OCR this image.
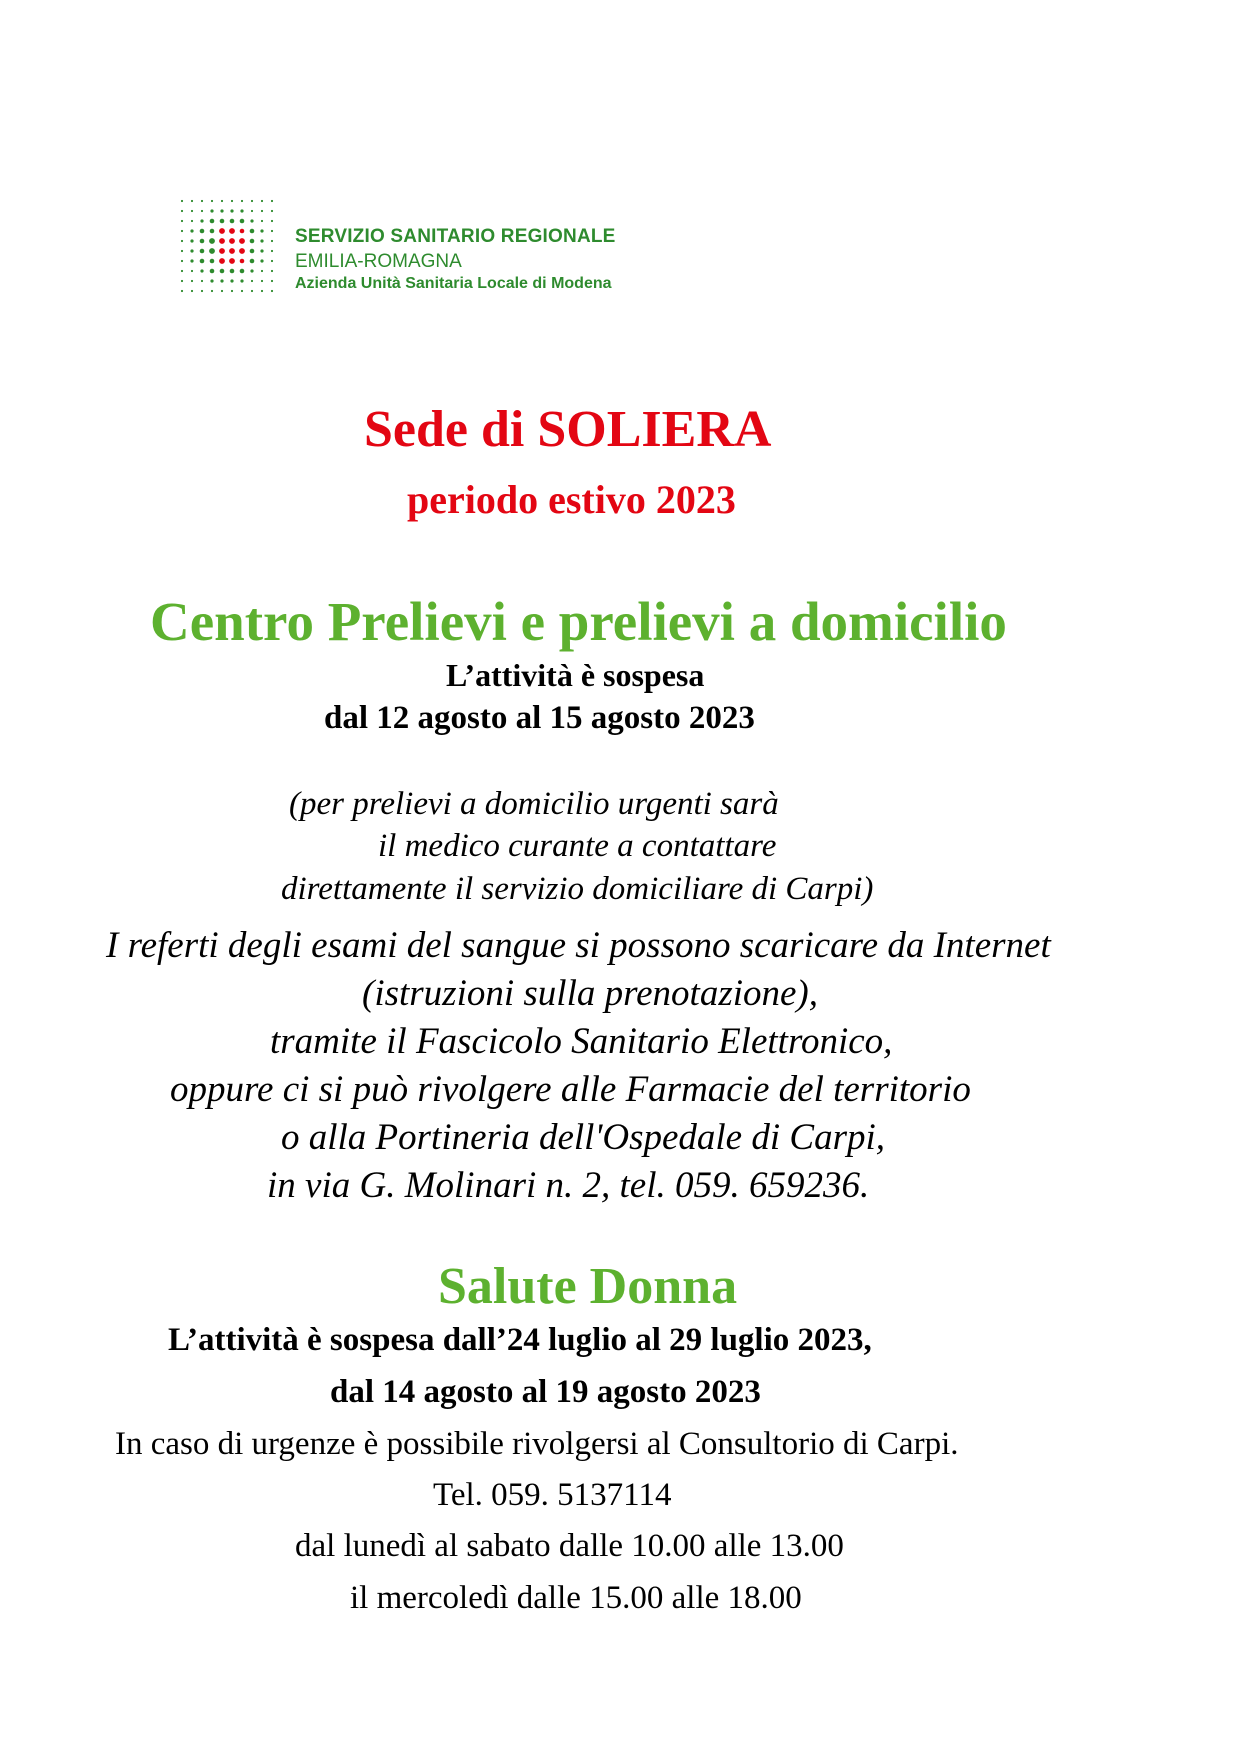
SERVIZIO SANITARIO REGIONALE
EMILIA-ROMAGNA
Azienda Unità Sanitaria Locale di Modena
Sede di SOLIERA
periodo estivo 2023
Centro Prelievi e prelievi a domicilio
L’attività è sospesa
dal 12 agosto al 15 agosto 2023
(per prelievi a domicilio urgenti sarà
il medico curante a contattare
direttamente il servizio domiciliare di Carpi)
I referti degli esami del sangue si possono scaricare da Internet
(istruzioni sulla prenotazione),
tramite il Fascicolo Sanitario Elettronico,
oppure ci si può rivolgere alle Farmacie del territorio
o alla Portineria dell'Ospedale di Carpi,
in via G. Molinari n. 2, tel. 059. 659236.
Salute Donna
L’attività è sospesa dall’24 luglio al 29 luglio 2023,
dal 14 agosto al 19 agosto 2023
In caso di urgenze è possibile rivolgersi al Consultorio di Carpi.
Tel. 059. 5137114
dal lunedì al sabato dalle 10.00 alle 13.00
il mercoledì dalle 15.00 alle 18.00
